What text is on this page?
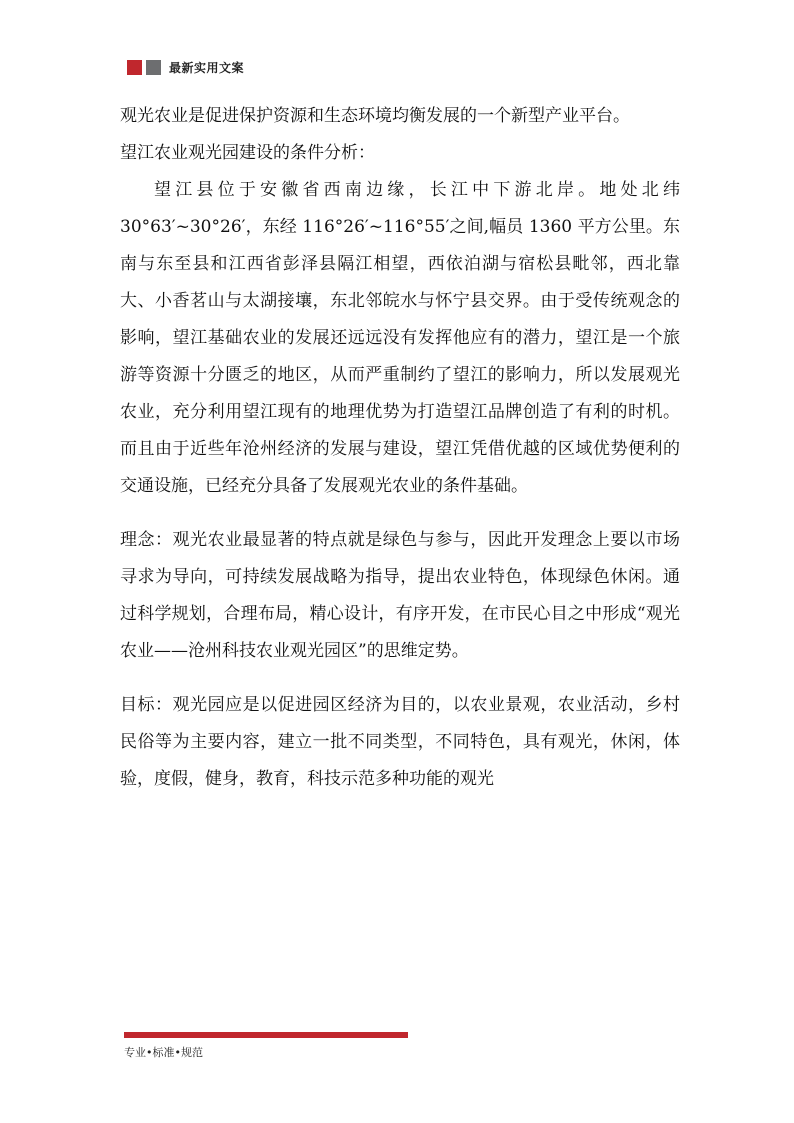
最新实用文案

观光农业是促进保护资源和生态环境均衡发展的一个新型产业平台。

望江农业观光园建设的条件分析：

望江县位于安徽省西南边缘，长江中下游北岸。地处北纬30°63′~30°26′，东经 116°26′~116°55′之间,幅员 1360 平方公里。东南与东至县和江西省彭泽县隔江相望，西依泊湖与宿松县毗邻，西北靠大、小香茗山与太湖接壤，东北邻皖水与怀宁县交界。由于受传统观念的影响，望江基础农业的发展还远远没有发挥他应有的潜力，望江是一个旅游等资源十分匮乏的地区，从而严重制约了望江的影响力，所以发展观光农业，充分利用望江现有的地理优势为打造望江品牌创造了有利的时机。而且由于近些年沧州经济的发展与建设，望江凭借优越的区域优势便利的交通设施，已经充分具备了发展观光农业的条件基础。

理念：观光农业最显著的特点就是绿色与参与，因此开发理念上要以市场寻求为导向，可持续发展战略为指导，提出农业特色，体现绿色休闲。通过科学规划，合理布局，精心设计，有序开发，在市民心目之中形成“观光农业——沧州科技农业观光园区”的思维定势。

目标：观光园应是以促进园区经济为目的，以农业景观，农业活动，乡村民俗等为主要内容，建立一批不同类型，不同特色，具有观光，休闲，体验，度假，健身，教育，科技示范多种功能的观光

专业•标准•规范
